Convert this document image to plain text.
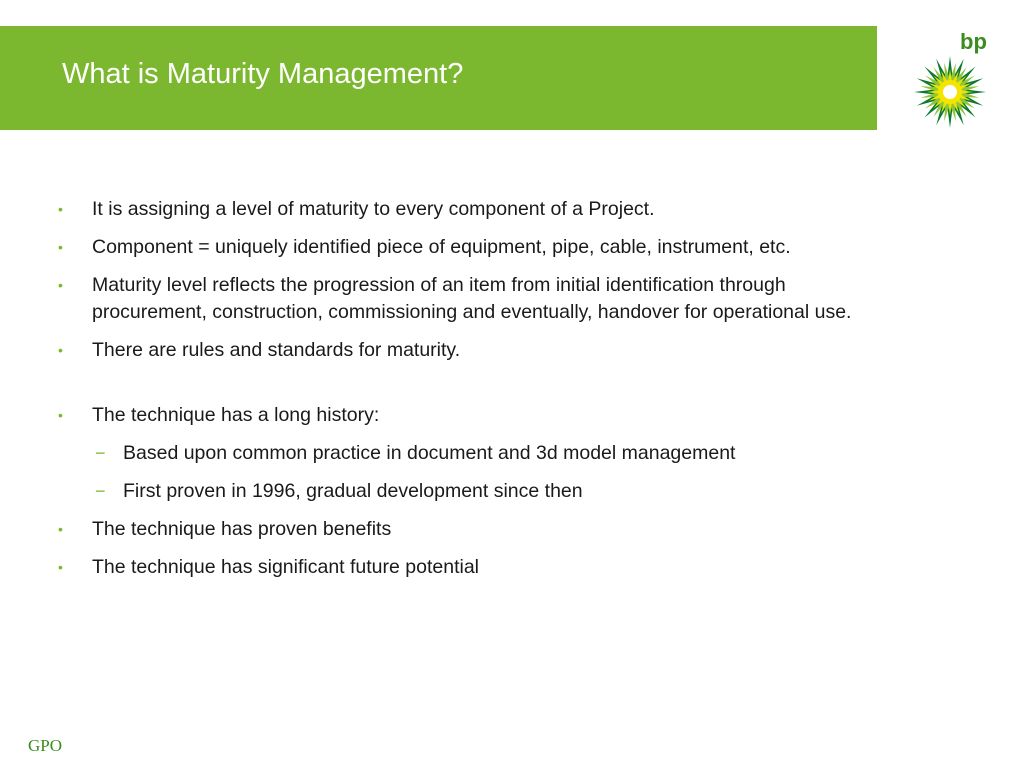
What is Maturity Management?
bp
• It is assigning a level of maturity to every component of a Project.
• Component = uniquely identified piece of equipment, pipe, cable, instrument, etc.
• Maturity level reflects the progression of an item from initial identification through procurement, construction, commissioning and eventually, handover for operational use.
• There are rules and standards for maturity.
• The technique has a long history:
− Based upon common practice in document and 3d model management
− First proven in 1996, gradual development since then
• The technique has proven benefits
• The technique has significant future potential
GPO
